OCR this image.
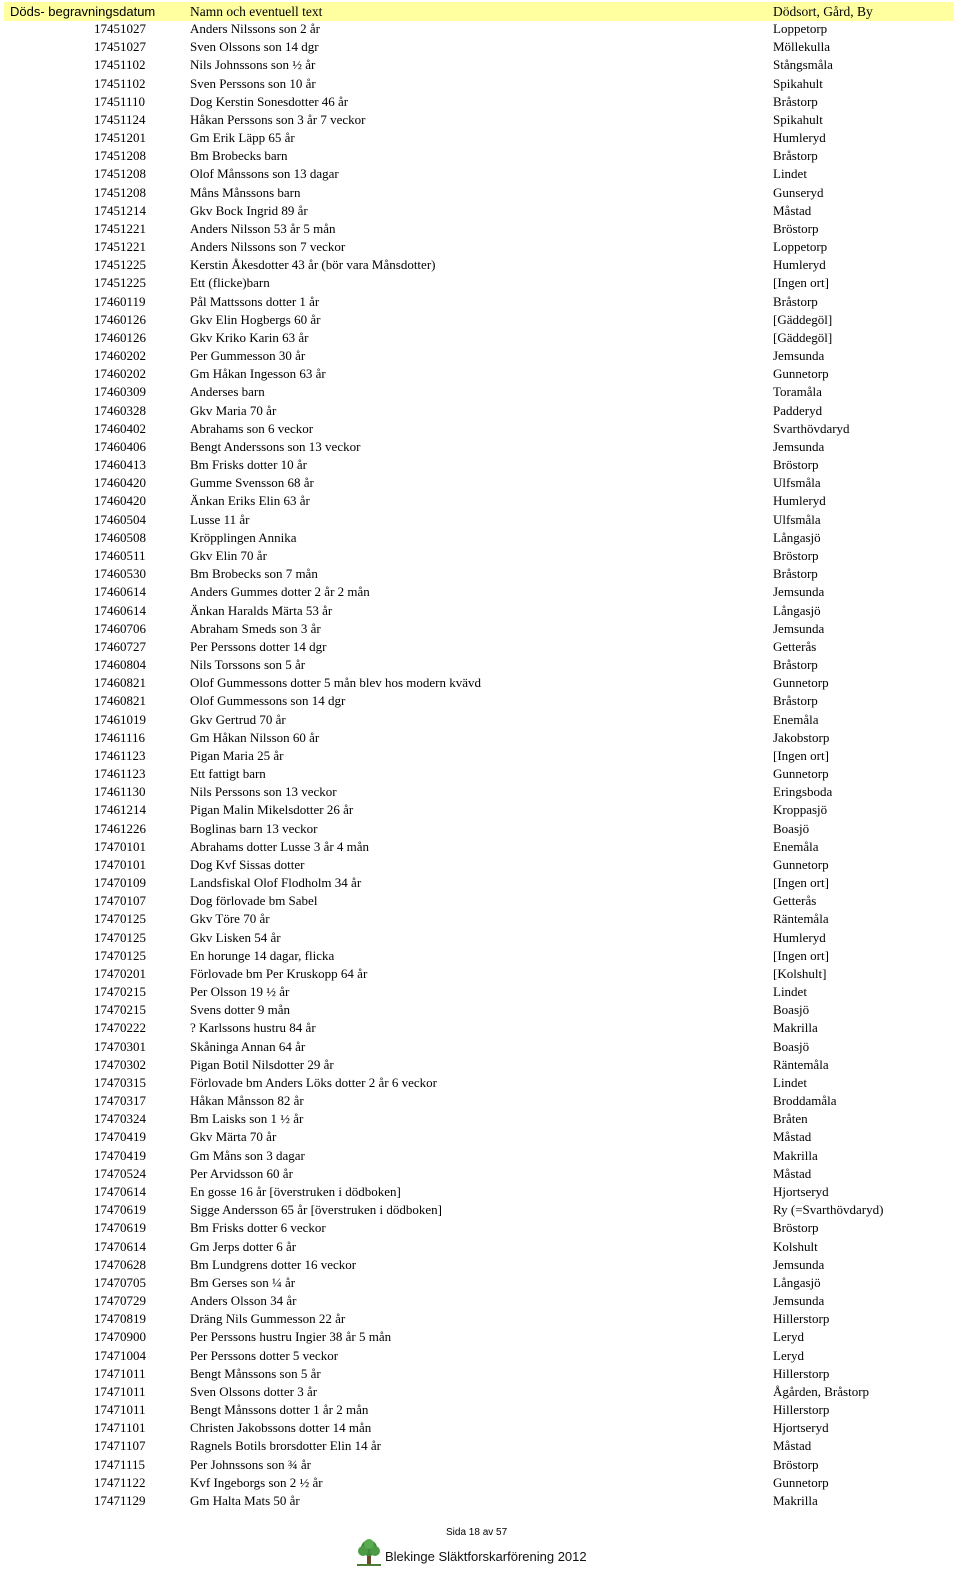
Döds- begravningsdatum	Namn och eventuell text	Dödsort, Gård, By
17451027	Anders Nilssons son 2 år	Loppetorp
17451027	Sven Olssons son 14 dgr	Möllekulla
17451102	Nils Johnssons son ½ år	Stångsmåla
17451102	Sven Perssons son 10 år	Spikahult
17451110	Dog Kerstin Sonesdotter 46 år	Bråstorp
17451124	Håkan Perssons son 3 år 7 veckor	Spikahult
17451201	Gm Erik Läpp 65 år	Humleryd
17451208	Bm Brobecks barn	Bråstorp
17451208	Olof Månssons son 13 dagar	Lindet
17451208	Måns Månssons barn	Gunseryd
17451214	Gkv Bock Ingrid 89 år	Måstad
17451221	Anders Nilsson 53 år 5 mån	Bröstorp
17451221	Anders Nilssons son 7 veckor	Loppetorp
17451225	Kerstin Åkesdotter 43 år (bör vara Månsdotter)	Humleryd
17451225	Ett (flicke)barn	[Ingen ort]
17460119	Pål Mattssons dotter 1 år	Bråstorp
17460126	Gkv Elin Hogbergs 60 år	[Gäddegöl]
17460126	Gkv Kriko Karin 63 år	[Gäddegöl]
17460202	Per Gummesson 30 år	Jemsunda
17460202	Gm Håkan Ingesson 63 år	Gunnetorp
17460309	Anderses barn	Toramåla
17460328	Gkv Maria 70 år	Padderyd
17460402	Abrahams son 6 veckor	Svarthövdaryd
17460406	Bengt Anderssons son 13 veckor	Jemsunda
17460413	Bm Frisks dotter 10 år	Bröstorp
17460420	Gumme Svensson 68 år	Ulfsmåla
17460420	Änkan Eriks Elin 63 år	Humleryd
17460504	Lusse 11 år	Ulfsmåla
17460508	Kröpplingen Annika	Långasjö
17460511	Gkv Elin 70 år	Bröstorp
17460530	Bm Brobecks son 7 mån	Bråstorp
17460614	Anders Gummes dotter 2 år 2 mån	Jemsunda
17460614	Änkan Haralds Märta 53 år	Långasjö
17460706	Abraham Smeds son 3 år	Jemsunda
17460727	Per Perssons dotter 14 dgr	Getterås
17460804	Nils Torssons son 5 år	Bråstorp
17460821	Olof Gummessons dotter 5 mån blev hos modern kvävd	Gunnetorp
17460821	Olof Gummessons son 14 dgr	Bråstorp
17461019	Gkv Gertrud 70 år	Enemåla
17461116	Gm Håkan Nilsson 60 år	Jakobstorp
17461123	Pigan Maria 25 år	[Ingen ort]
17461123	Ett fattigt barn	Gunnetorp
17461130	Nils Perssons son 13 veckor	Eringsboda
17461214	Pigan Malin Mikelsdotter 26 år	Kroppasjö
17461226	Boglinas barn 13 veckor	Boasjö
17470101	Abrahams dotter Lusse 3 år 4 mån	Enemåla
17470101	Dog Kvf Sissas dotter	Gunnetorp
17470109	Landsfiskal Olof Flodholm 34 år	[Ingen ort]
17470107	Dog förlovade bm Sabel	Getterås
17470125	Gkv Töre 70 år	Räntemåla
17470125	Gkv Lisken 54 år	Humleryd
17470125	En horunge 14 dagar, flicka	[Ingen ort]
17470201	Förlovade bm Per Kruskopp 64 år	[Kolshult]
17470215	Per Olsson 19 ½ år	Lindet
17470215	Svens dotter 9 mån	Boasjö
17470222	? Karlssons hustru 84 år	Makrilla
17470301	Skåninga Annan 64 år	Boasjö
17470302	Pigan Botil Nilsdotter 29 år	Räntemåla
17470315	Förlovade bm Anders Löks dotter 2 år 6 veckor	Lindet
17470317	Håkan Månsson 82 år	Broddamåla
17470324	Bm Laisks son 1 ½ år	Bråten
17470419	Gkv Märta 70 år	Måstad
17470419	Gm Måns son 3 dagar	Makrilla
17470524	Per Arvidsson 60 år	Måstad
17470614	En gosse 16 år [överstruken i dödboken]	Hjortseryd
17470619	Sigge Andersson 65 år [överstruken i dödboken]	Ry (=Svarthövdaryd)
17470619	Bm Frisks dotter 6 veckor	Bröstorp
17470614	Gm Jerps dotter 6 år	Kolshult
17470628	Bm Lundgrens dotter 16 veckor	Jemsunda
17470705	Bm Gerses son ¼ år	Långasjö
17470729	Anders Olsson 34 år	Jemsunda
17470819	Dräng Nils Gummesson 22 år	Hillerstorp
17470900	Per Perssons hustru Ingier 38 år 5 mån	Leryd
17471004	Per Perssons dotter 5 veckor	Leryd
17471011	Bengt Månssons son 5 år	Hillerstorp
17471011	Sven Olssons dotter 3 år	Ågården, Bråstorp
17471011	Bengt Månssons dotter 1 år 2 mån	Hillerstorp
17471101	Christen Jakobssons dotter 14 mån	Hjortseryd
17471107	Ragnels Botils brorsdotter Elin 14 år	Måstad
17471115	Per Johnssons son ¾ år	Bröstorp
17471122	Kvf Ingeborgs son 2 ½ år	Gunnetorp
17471129	Gm Halta Mats 50 år	Makrilla
Sida 18 av 57
Blekinge Släktforskarförening 2012
